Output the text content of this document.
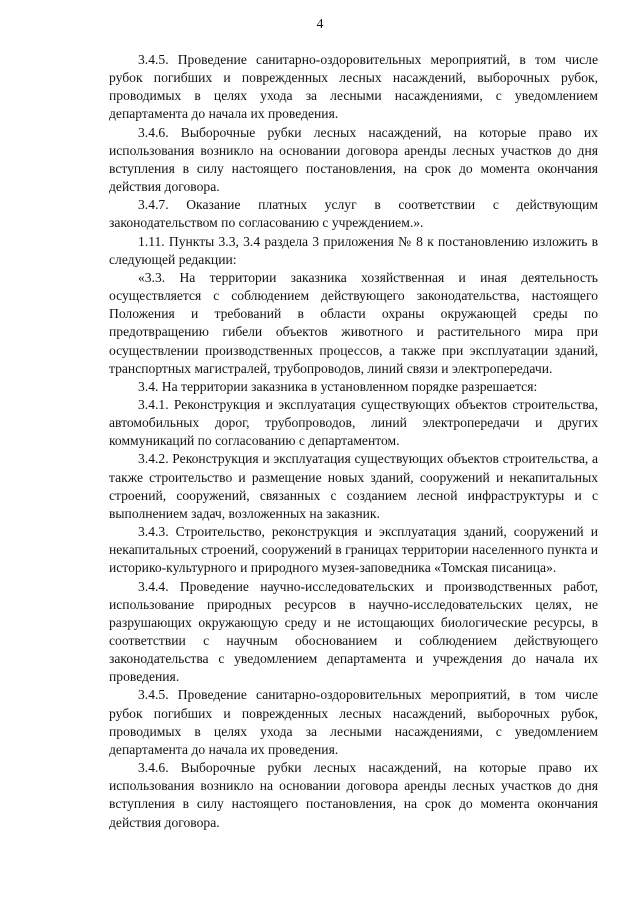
4

3.4.5. Проведение санитарно-оздоровительных мероприятий, в том числе рубок погибших и поврежденных лесных насаждений, выборочных рубок, проводимых в целях ухода за лесными насаждениями, с уведомлением департамента до начала их проведения.

3.4.6. Выборочные рубки лесных насаждений, на которые право их использования возникло на основании договора аренды лесных участков до дня вступления в силу настоящего постановления, на срок до момента окончания действия договора.

3.4.7. Оказание платных услуг в соответствии с действующим законодательством по согласованию с учреждением.».

1.11. Пункты 3.3, 3.4 раздела 3 приложения № 8 к постановлению изложить в следующей редакции:

«3.3. На территории заказника хозяйственная и иная деятельность осуществляется с соблюдением действующего законодательства, настоящего Положения и требований в области охраны окружающей среды по предотвращению гибели объектов животного и растительного мира при осуществлении производственных процессов, а также при эксплуатации зданий, транспортных магистралей, трубопроводов, линий связи и электропередачи.

3.4. На территории заказника в установленном порядке разрешается:

3.4.1. Реконструкция и эксплуатация существующих объектов строительства, автомобильных дорог, трубопроводов, линий электропередачи и других коммуникаций по согласованию с департаментом.

3.4.2. Реконструкция и эксплуатация существующих объектов строительства, а также строительство и размещение новых зданий, сооружений и некапитальных строений, сооружений, связанных с созданием лесной инфраструктуры и с выполнением задач, возложенных на заказник.

3.4.3. Строительство, реконструкция и эксплуатация зданий, сооружений и некапитальных строений, сооружений в границах территории населенного пункта и историко-культурного и природного музея-заповедника «Томская писаница».

3.4.4. Проведение научно-исследовательских и производственных работ, использование природных ресурсов в научно-исследовательских целях, не разрушающих окружающую среду и не истощающих биологические ресурсы, в соответствии с научным обоснованием и соблюдением действующего законодательства с уведомлением департамента и учреждения до начала их проведения.

3.4.5. Проведение санитарно-оздоровительных мероприятий, в том числе рубок погибших и поврежденных лесных насаждений, выборочных рубок, проводимых в целях ухода за лесными насаждениями, с уведомлением департамента до начала их проведения.

3.4.6. Выборочные рубки лесных насаждений, на которые право их использования возникло на основании договора аренды лесных участков до дня вступления в силу настоящего постановления, на срок до момента окончания действия договора.
